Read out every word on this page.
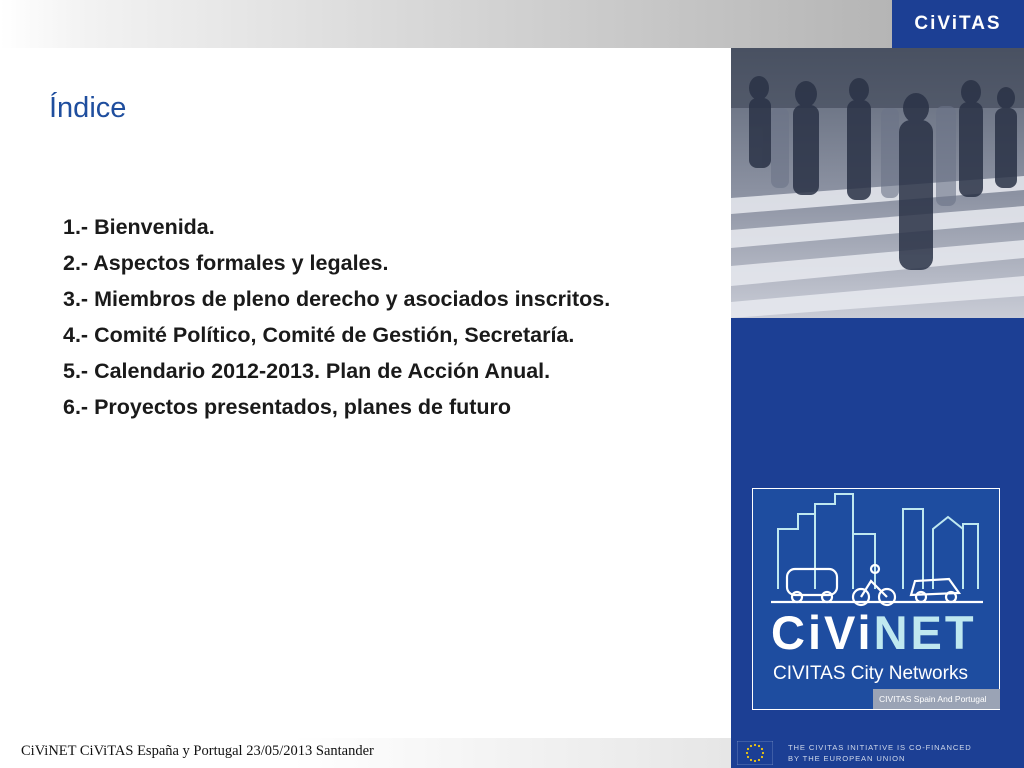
CiViTAS
Índice
1.- Bienvenida.
2.- Aspectos formales y legales.
3.- Miembros de pleno derecho y asociados inscritos.
4.- Comité Político, Comité de Gestión, Secretaría.
5.- Calendario 2012-2013. Plan de Acción Anual.
6.- Proyectos presentados, planes de futuro
CiViNET
CIVITAS City Networks
CIVITAS Spain And Portugal
CiViNET CiViTAS España y Portugal 23/05/2013 Santander	THE CIVITAS INITIATIVE IS CO-FINANCED
BY THE EUROPEAN UNION
